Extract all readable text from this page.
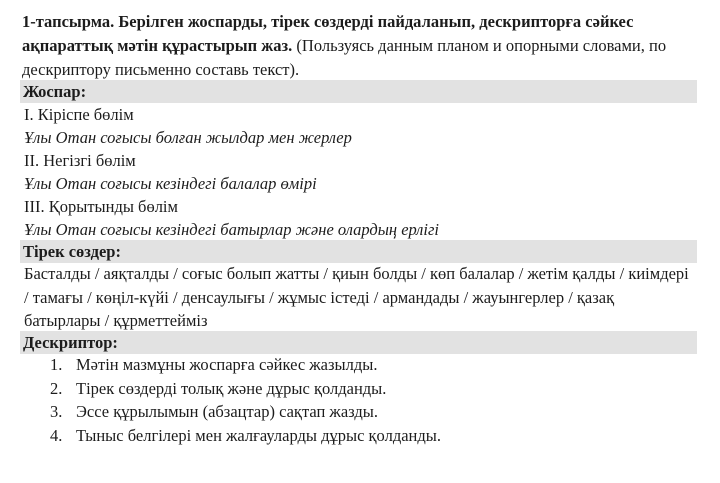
1-тапсырма. Берілген жоспарды, тірек сөздерді пайдаланып, дескрипторға сәйкес ақпараттық мәтін құрастырып жаз. (Пользуясь данным планом и опорными словами, по дескриптору письменно составь текст).
Жоспар:
І. Кіріспе бөлім
Ұлы Отан соғысы болған жылдар мен жерлер
ІІ. Негізгі бөлім
Ұлы Отан соғысы кезіндегі балалар өмірі
ІІІ. Қорытынды бөлім
Ұлы Отан соғысы кезіндегі батырлар және олардың ерлігі
Тірек сөздер:
Басталды / аяқталды / соғыс болып жатты / қиын болды / көп балалар / жетім қалды / киімдері / тамағы / көңіл-күйі / денсаулығы / жұмыс істеді / армандады / жауынгерлер / қазақ батырлары / құрметтейміз
Дескриптор:
1. Мәтін мазмұны жоспарға сәйкес жазылды.
2. Тірек сөздерді толық және дұрыс қолданды.
3. Эссе құрылымын (абзацтар) сақтап жазды.
4. Тыныс белгілері мен жалғауларды дұрыс қолданды.
